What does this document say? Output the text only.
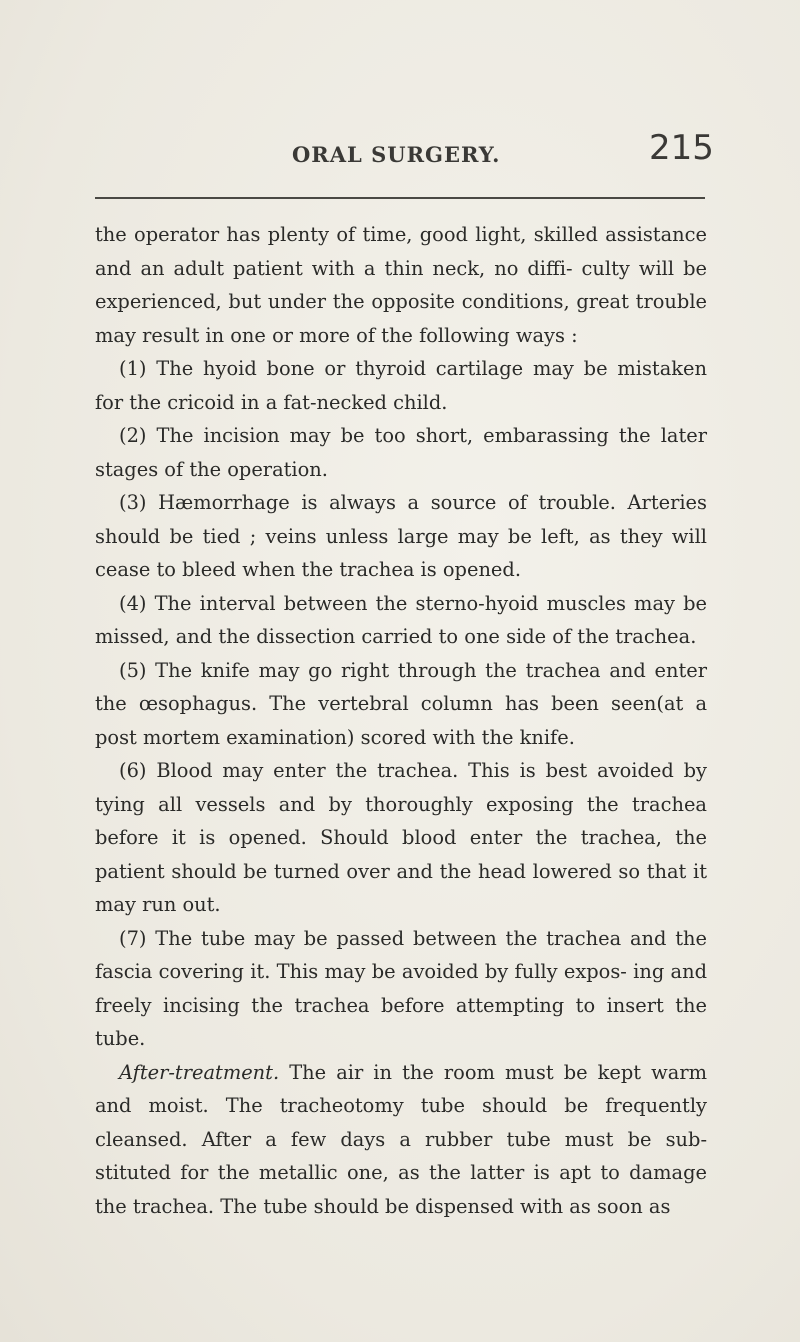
ORAL SURGERY.	215

the operator has plenty of time, good light, skilled assistance and an adult patient with a thin neck, no diffi- culty will be experienced, but under the opposite conditions, great trouble may result in one or more of the following ways :

(1) The hyoid bone or thyroid cartilage may be mistaken for the cricoid in a fat-necked child.

(2) The incision may be too short, embarassing the later stages of the operation.

(3) Hæmorrhage is always a source of trouble. Arteries should be tied ; veins unless large may be left, as they will cease to bleed when the trachea is opened.

(4) The interval between the sterno-hyoid muscles may be missed, and the dissection carried to one side of the trachea.

(5) The knife may go right through the trachea and enter the œsophagus. The vertebral column has been seen(at a post mortem examination) scored with the knife.

(6) Blood may enter the trachea. This is best avoided by tying all vessels and by thoroughly exposing the trachea before it is opened. Should blood enter the trachea, the patient should be turned over and the head lowered so that it may run out.

(7) The tube may be passed between the trachea and the fascia covering it. This may be avoided by fully expos- ing and freely incising the trachea before attempting to insert the tube.

After-treatment. The air in the room must be kept warm and moist. The tracheotomy tube should be frequently cleansed. After a few days a rubber tube must be sub- stituted for the metallic one, as the latter is apt to damage the trachea. The tube should be dispensed with as soon as
